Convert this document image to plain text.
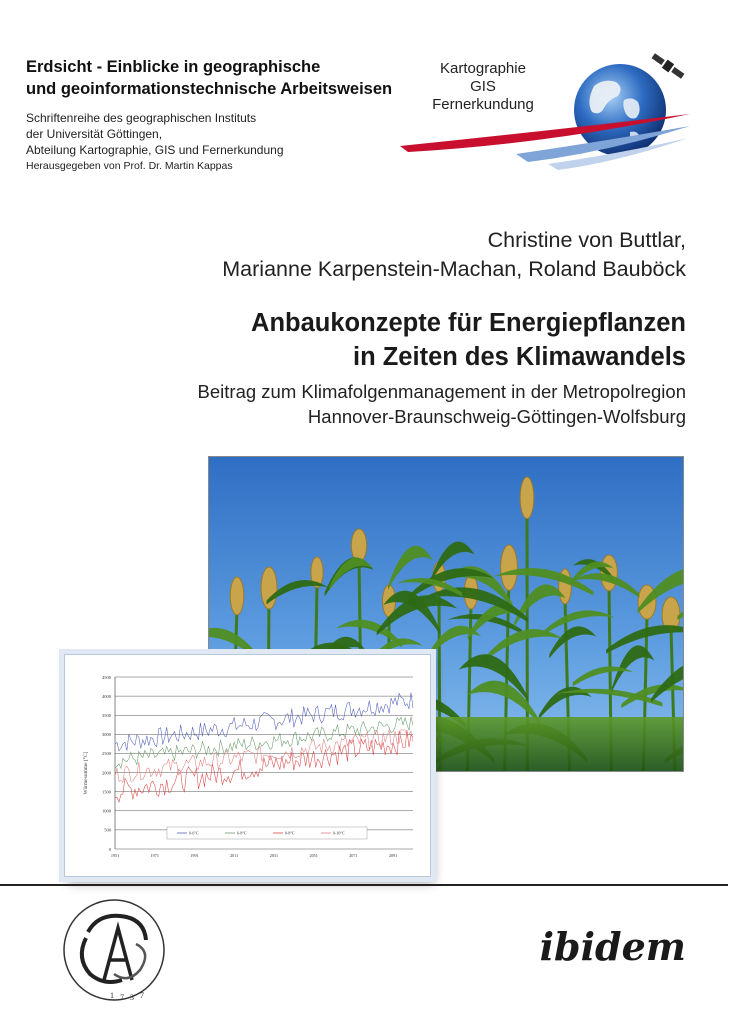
Erdsicht - Einblicke in geographische
und geoinformationstechnische Arbeitsweisen
Schriftenreihe des geographischen Instituts
der Universität Göttingen,
Abteilung Kartographie, GIS und Fernerkundung
Herausgegeben von Prof. Dr. Martin Kappas
Kartographie
GIS
Fernerkundung
Christine von Buttlar,
Marianne Karpenstein-Machan, Roland Bauböck
Anbaukonzepte für Energiepflanzen
in Zeiten des Klimawandels
Beitrag zum Klimafolgenmanagement in der Metropolregion
Hannover-Braunschweig-Göttingen-Wolfsburg
0
500
1000
1500
2000
2500
3000
3500
4000
4500
1951	1971	1991	2011	2031	2051	2071	2091
Wärmesumme [°C]
0-6°C	6-8°C	0-8°C	0-10°C
1 7 3 7
ibidem
